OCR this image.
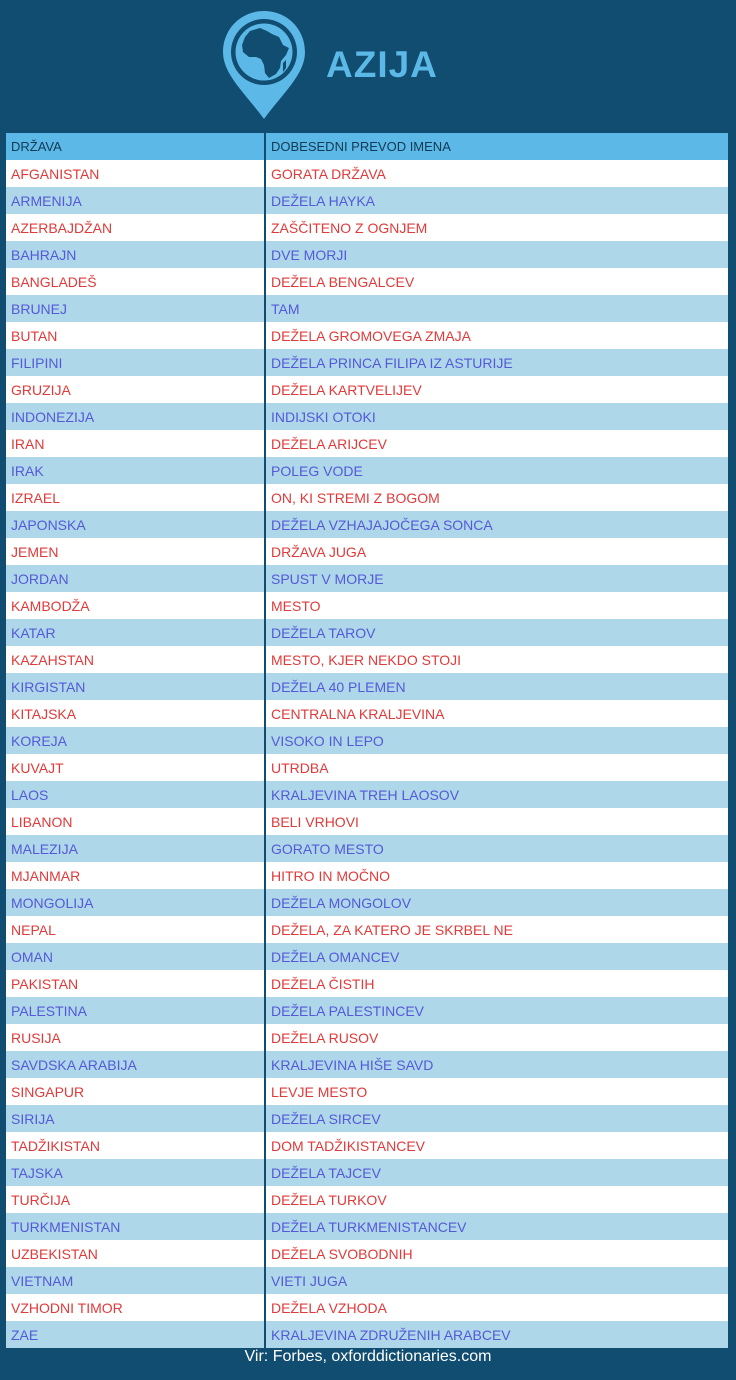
AZIJA
DRŽAVA	DOBESEDNI PREVOD IMENA
AFGANISTAN	GORATA DRŽAVA
ARMENIJA	DEŽELA HAYKA
AZERBAJDŽAN	ZAŠČITENO Z OGNJEM
BAHRAJN	DVE MORJI
BANGLADEŠ	DEŽELA BENGALCEV
BRUNEJ	TAM
BUTAN	DEŽELA GROMOVEGA ZMAJA
FILIPINI	DEŽELA PRINCA FILIPA IZ ASTURIJE
GRUZIJA	DEŽELA KARTVELIJEV
INDONEZIJA	INDIJSKI OTOKI
IRAN	DEŽELA ARIJCEV
IRAK	POLEG VODE
IZRAEL	ON, KI STREMI Z BOGOM
JAPONSKA	DEŽELA VZHAJAJOČEGA SONCA
JEMEN	DRŽAVA JUGA
JORDAN	SPUST V MORJE
KAMBODŽA	MESTO
KATAR	DEŽELA TAROV
KAZAHSTAN	MESTO, KJER NEKDO STOJI
KIRGISTAN	DEŽELA 40 PLEMEN
KITAJSKA	CENTRALNA KRALJEVINA
KOREJA	VISOKO IN LEPO
KUVAJT	UTRDBA
LAOS	KRALJEVINA TREH LAOSOV
LIBANON	BELI VRHOVI
MALEZIJA	GORATO MESTO
MJANMAR	HITRO IN MOČNO
MONGOLIJA	DEŽELA MONGOLOV
NEPAL	DEŽELA, ZA KATERO JE SKRBEL NE
OMAN	DEŽELA OMANCEV
PAKISTAN	DEŽELA ČISTIH
PALESTINA	DEŽELA PALESTINCEV
RUSIJA	DEŽELA RUSOV
SAVDSKA ARABIJA	KRALJEVINA HIŠE SAVD
SINGAPUR	LEVJE MESTO
SIRIJA	DEŽELA SIRCEV
TADŽIKISTAN	DOM TADŽIKISTANCEV
TAJSKA	DEŽELA TAJCEV
TURČIJA	DEŽELA TURKOV
TURKMENISTAN	DEŽELA TURKMENISTANCEV
UZBEKISTAN	DEŽELA SVOBODNIH
VIETNAM	VIETI JUGA
VZHODNI TIMOR	DEŽELA VZHODA
ZAE	KRALJEVINA ZDRUŽENIH ARABCEV
Vir: Forbes, oxforddictionaries.com
